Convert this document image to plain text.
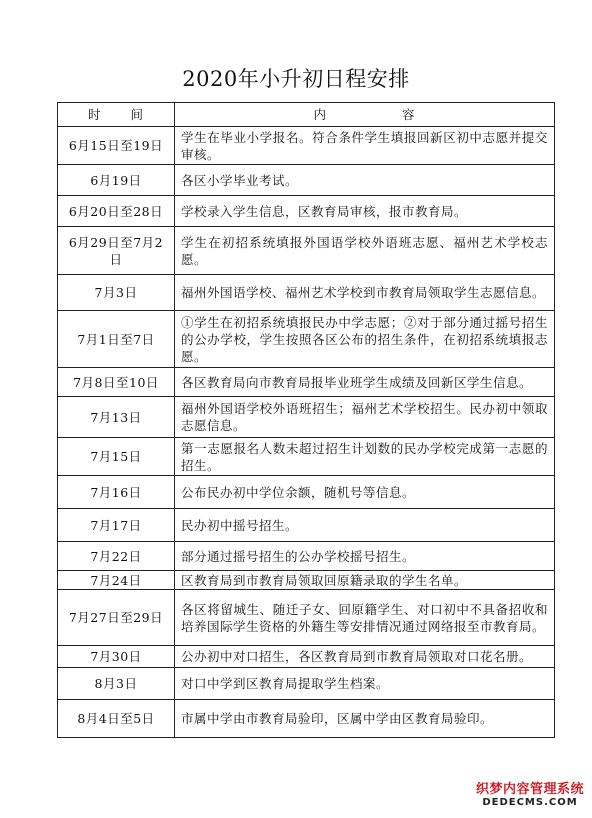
2020年小升初日程安排
时 间	内 容
6月15日至19日	学生在毕业小学报名。符合条件学生填报回新区初中志愿并提交审核。
6月19日	各区小学毕业考试。
6月20日至28日	学校录入学生信息，区教育局审核，报市教育局。
6月29日至7月2日	学生在初招系统填报外国语学校外语班志愿、福州艺术学校志愿。
7月3日	福州外国语学校、福州艺术学校到市教育局领取学生志愿信息。
7月1日至7日	①学生在初招系统填报民办中学志愿；②对于部分通过摇号招生的公办学校，学生按照各区公布的招生条件，在初招系统填报志愿。
7月8日至10日	各区教育局向市教育局报毕业班学生成绩及回新区学生信息。
7月13日	福州外国语学校外语班招生；福州艺术学校招生。民办初中领取志愿信息。
7月15日	第一志愿报名人数未超过招生计划数的民办学校完成第一志愿的招生。
7月16日	公布民办初中学位余额，随机号等信息。
7月17日	民办初中摇号招生。
7月22日	部分通过摇号招生的公办学校摇号招生。
7月24日	区教育局到市教育局领取回原籍录取的学生名单。
7月27日至29日	各区将留城生、随迁子女、回原籍学生、对口初中不具备招收和培养国际学生资格的外籍生等安排情况通过网络报至市教育局。
7月30日	公办初中对口招生，各区教育局到市教育局领取对口花名册。
8月3日	对口中学到区教育局提取学生档案。
8月4日至5日	市属中学由市教育局验印，区属中学由区教育局验印。
织梦内容管理系统
DEDECMS.COM
